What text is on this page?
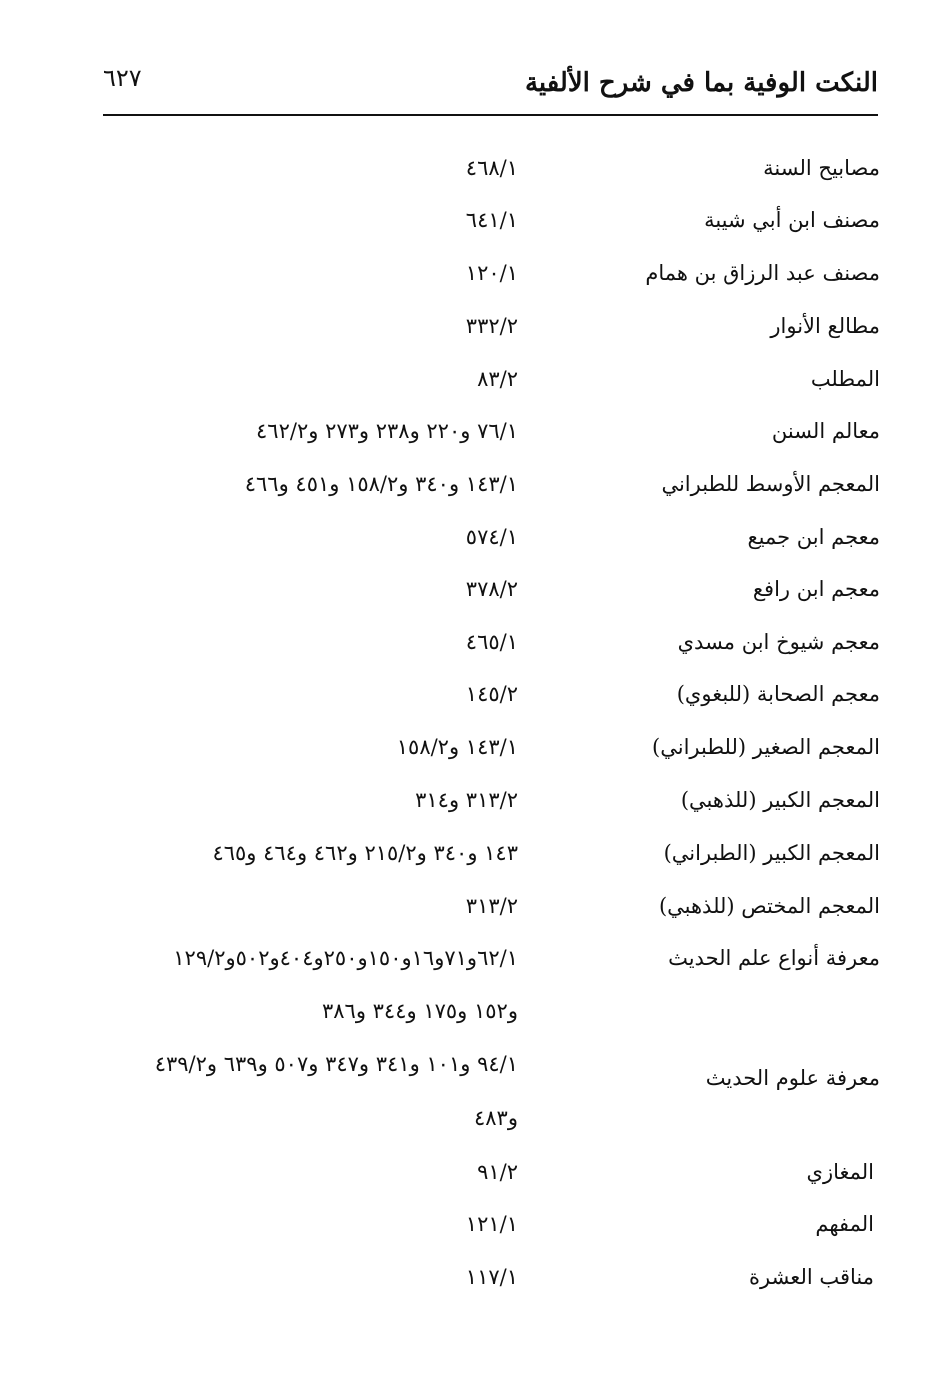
النكت الوفية بما في شرح الألفية
٦٢٧
مصابيح السنة
٤٦٨/١
مصنف ابن أبي شيبة
٦٤١/١
مصنف عبد الرزاق بن همام
١٢٠/١
مطالع الأنوار
٣٣٢/٢
المطلب
٨٣/٢
معالم السنن
٧٦/١ و٢٢٠ و٢٣٨ و٢٧٣ و٤٦٢/٢
المعجم الأوسط للطبراني
١٤٣/١ و٣٤٠ و١٥٨/٢ و٤٥١ و٤٦٦
معجم ابن جميع
٥٧٤/١
معجم ابن رافع
٣٧٨/٢
معجم شيوخ ابن مسدي
٤٦٥/١
معجم الصحابة (للبغوي)
١٤٥/٢
المعجم الصغير (للطبراني)
١٤٣/١ و١٥٨/٢
المعجم الكبير (للذهبي)
٣١٣/٢ و٣١٤
المعجم الكبير (الطبراني)
١٤٣ و٣٤٠ و٢١٥/٢ و٤٦٢ و٤٦٤ و٤٦٥
المعجم المختص (للذهبي)
٣١٣/٢
معرفة أنواع علم الحديث
٦٢/١و٧١و١٦و١٥٠و٢٥٠و٤٠٤و٥٠٢و١٢٩/٢
و١٥٢ و١٧٥ و٣٤٤ و٣٨٦
معرفة علوم الحديث
٩٤/١ و١٠١ و٣٤١ و٣٤٧ و٥٠٧ و٦٣٩ و٤٣٩/٢
و٤٨٣
المغازي
٩١/٢
المفهم
١٢١/١
مناقب العشرة
١١٧/١
